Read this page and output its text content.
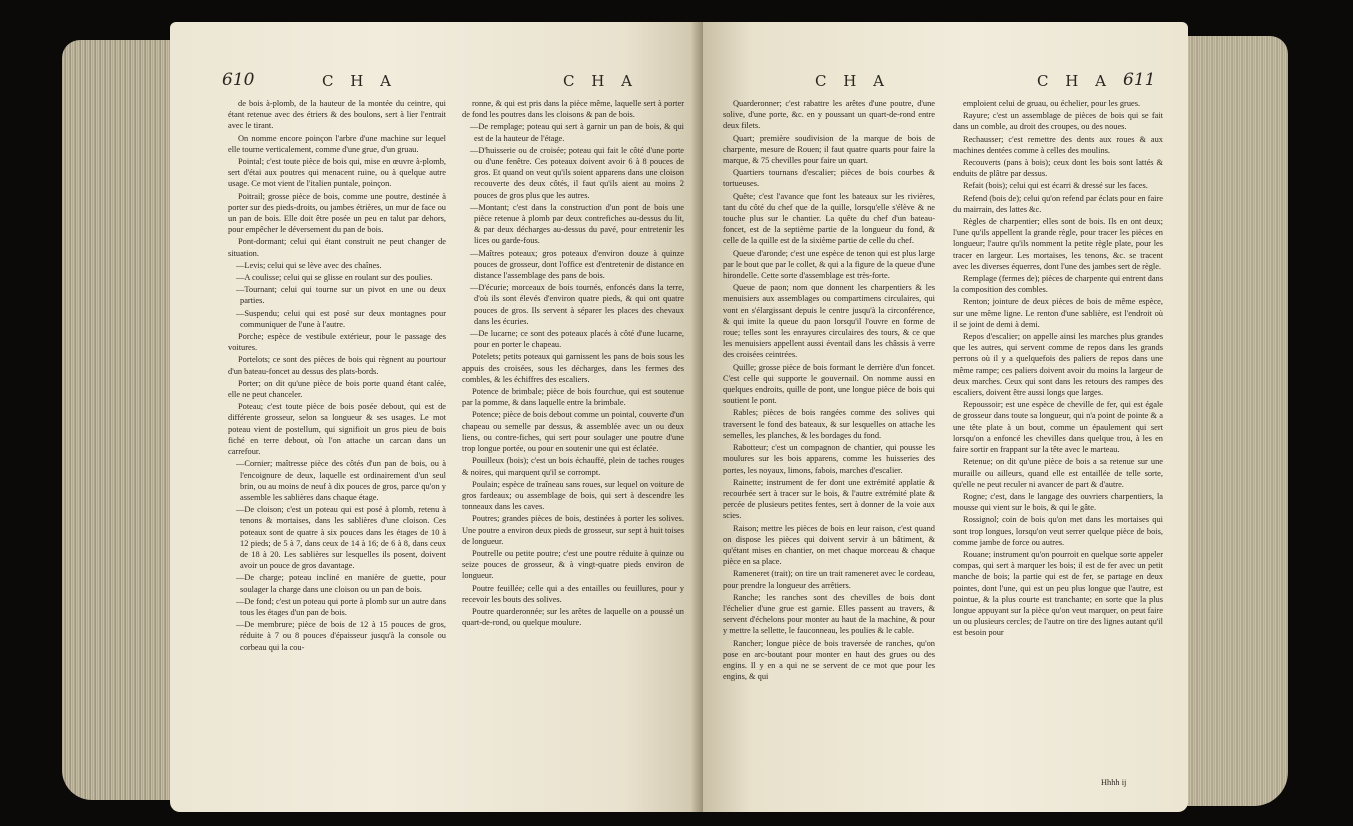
610	C H A	C H A

de bois à-plomb, de la hauteur de la montée du ceintre, qui étant retenue avec des étriers & des boulons, sert à lier l'entrait avec le tirant.

On nomme encore poinçon l'arbre d'une machine sur lequel elle tourne verticalement, comme d'une grue, d'un gruau.

Pointal; c'est toute pièce de bois qui, mise en œuvre à-plomb, sert d'étai aux poutres qui menacent ruine, ou à quelque autre usage. Ce mot vient de l'italien puntale, poinçon.

Poitrail; grosse pièce de bois, comme une poutre, destinée à porter sur des pieds-droits, ou jambes étrières, un mur de face ou un pan de bois. Elle doit être posée un peu en talut par dehors, pour empêcher le déversement du pan de bois.

Pont-dormant; celui qui étant construit ne peut changer de situation.

—Levis; celui qui se lève avec des chaînes.

—A coulisse; celui qui se glisse en roulant sur des poulies.

—Tournant; celui qui tourne sur un pivot en une ou deux parties.

—Suspendu; celui qui est posé sur deux montagnes pour communiquer de l'une à l'autre.

Porche; espèce de vestibule extérieur, pour le passage des voitures.

Portelots; ce sont des pièces de bois qui règnent au pourtour d'un bateau-foncet au dessus des plats-bords.

Porter; on dit qu'une pièce de bois porte quand étant calée, elle ne peut chanceler.

Poteau; c'est toute pièce de bois posée debout, qui est de différente grosseur, selon sa longueur & ses usages. Le mot poteau vient de postellum, qui signifioit un gros pieu de bois fiché en terre debout, où l'on attache un carcan dans un carrefour.

—Cornier; maîtresse pièce des côtés d'un pan de bois, ou à l'encoignure de deux, laquelle est ordinairement d'un seul brin, ou au moins de neuf à dix pouces de gros, parce qu'on y assemble les sablières dans chaque étage.

—De cloison; c'est un poteau qui est posé à plomb, retenu à tenons & mortaises, dans les sablières d'une cloison. Ces poteaux sont de quatre à six pouces dans les étages de 10 à 12 pieds; de 5 à 7, dans ceux de 14 à 16; de 6 à 8, dans ceux de 18 à 20. Les sablières sur lesquelles ils posent, doivent avoir un pouce de gros davantage.

—De charge; poteau incliné en manière de guette, pour soulager la charge dans une cloison ou un pan de bois.

—De fond; c'est un poteau qui porte à plomb sur un autre dans tous les étages d'un pan de bois.

—De membrure; pièce de bois de 12 à 15 pouces de gros, réduite à 7 ou 8 pouces d'épaisseur jusqu'à la console ou corbeau qui la cou-

ronne, & qui est pris dans la pièce même, laquelle sert à porter de fond les poutres dans les cloisons & pan de bois.

—De remplage; poteau qui sert à garnir un pan de bois, & qui est de la hauteur de l'étage.

—D'huisserie ou de croisée; poteau qui fait le côté d'une porte ou d'une fenêtre. Ces poteaux doivent avoir 6 à 8 pouces de gros. Et quand on veut qu'ils soient apparens dans une cloison recouverte des deux côtés, il faut qu'ils aient au moins 2 pouces de gros plus que les autres.

—Montant; c'est dans la construction d'un pont de bois une pièce retenue à plomb par deux contrefiches au-dessus du lit, & par deux décharges au-dessus du pavé, pour entretenir les lices ou garde-fous.

—Maîtres poteaux; gros poteaux d'environ douze à quinze pouces de grosseur, dont l'office est d'entretenir de distance en distance l'assemblage des pans de bois.

—D'écurie; morceaux de bois tournés, enfoncés dans la terre, d'où ils sont élevés d'environ quatre pieds, & qui ont quatre pouces de gros. Ils servent à séparer les places des chevaux dans les écuries.

—De lucarne; ce sont des poteaux placés à côté d'une lucarne, pour en porter le chapeau.

Potelets; petits poteaux qui garnissent les pans de bois sous les appuis des croisées, sous les décharges, dans les fermes des combles, & les échiffres des escaliers.

Potence de brimbale; pièce de bois fourchue, qui est soutenue par la pomme, & dans laquelle entre la brimbale.

Potence; pièce de bois debout comme un pointal, couverte d'un chapeau ou semelle par dessus, & assemblée avec un ou deux liens, ou contre-fiches, qui sert pour soulager une poutre d'une trop longue portée, ou pour en soutenir une qui est éclatée.

Pouilleux (bois); c'est un bois échauffé, plein de taches rouges & noires, qui marquent qu'il se corrompt.

Poulain; espèce de traîneau sans roues, sur lequel on voiture de gros fardeaux; ou assemblage de bois, qui sert à descendre les tonneaux dans les caves.

Poutres; grandes pièces de bois, destinées à porter les solives. Une poutre a environ deux pieds de grosseur, sur sept à huit toises de longueur.

Poutrelle ou petite poutre; c'est une poutre réduite à quinze ou seize pouces de grosseur, & à vingt-quatre pieds environ de longueur.

Poutre feuillée; celle qui a des entailles ou feuillures, pour y recevoir les bouts des solives.

Poutre quarderonnée; sur les arêtes de laquelle on a poussé un quart-de-rond, ou quelque moulure.

C H A	C H A 611

Quarderonner; c'est rabattre les arêtes d'une poutre, d'une solive, d'une porte, &c. en y poussant un quart-de-rond entre deux filets.

Quart; première soudivision de la marque de bois de charpente, mesure de Rouen; il faut quatre quarts pour faire la marque, & 75 chevilles pour faire un quart.

Quartiers tournans d'escalier; pièces de bois courbes & tortueuses.

Quête; c'est l'avance que font les bateaux sur les rivières, tant du côté du chef que de la quille, lorsqu'elle s'élève & ne touche plus sur le chantier. La quête du chef d'un bateau-foncet, est de la septième partie de la longueur du fond, & celle de la quille est de la sixième partie de celle du chef.

Queue d'aronde; c'est une espèce de tenon qui est plus large par le bout que par le collet, & qui a la figure de la queue d'une hirondelle. Cette sorte d'assemblage est très-forte.

Queue de paon; nom que donnent les charpentiers & les menuisiers aux assemblages ou compartimens circulaires, qui vont en s'élargissant depuis le centre jusqu'à la circonférence, & qui imite la queue du paon lorsqu'il l'ouvre en forme de roue; telles sont les enrayures circulaires des tours, & ce que les menuisiers appellent aussi éventail dans les châssis à verre des croisées ceintrées.

Quille; grosse pièce de bois formant le derrière d'un foncet. C'est celle qui supporte le gouvernail. On nomme aussi en quelques endroits, quille de pont, une longue pièce de bois qui soutient le pont.

Rables; pièces de bois rangées comme des solives qui traversent le fond des bateaux, & sur lesquelles on attache les semelles, les planches, & les bordages du fond.

Rabotteur; c'est un compagnon de chantier, qui pousse les moulures sur les bois apparens, comme les huisseries des portes, les noyaux, limons, fabois, marches d'escalier.

Rainette; instrument de fer dont une extrémité applatie & recourbée sert à tracer sur le bois, & l'autre extrémité plate & percée de plusieurs petites fentes, sert à donner de la voie aux scies.

Raison; mettre les pièces de bois en leur raison, c'est quand on dispose les pièces qui doivent servir à un bâtiment, & qu'étant mises en chantier, on met chaque morceau & chaque pièce en sa place.

Rameneret (trait); on tire un trait rameneret avec le cordeau, pour prendre la longueur des arrêtiers.

Ranche; les ranches sont des chevilles de bois dont l'échelier d'une grue est garnie. Elles passent au travers, & servent d'échelons pour monter au haut de la machine, & pour y mettre la sellette, le fauconneau, les poulies & le cable.

Rancher; longue pièce de bois traversée de ranches, qu'on pose en arc-boutant pour monter en haut des grues ou des engins. Il y en a qui ne se servent de ce mot que pour les engins, & qui

emploient celui de gruau, ou échelier, pour les grues.

Rayure; c'est un assemblage de pièces de bois qui se fait dans un comble, au droit des croupes, ou des noues.

Rechausser; c'est remettre des dents aux roues & aux machines dentées comme à celles des moulins.

Recouverts (pans à bois); ceux dont les bois sont lattés & enduits de plâtre par dessus.

Refait (bois); celui qui est écarri & dressé sur les faces.

Refend (bois de); celui qu'on refend par éclats pour en faire du mairrain, des lattes &c.

Règles de charpentier; elles sont de bois. Ils en ont deux; l'une qu'ils appellent la grande règle, pour tracer les pièces en longueur; l'autre qu'ils nomment la petite règle plate, pour les tracer en largeur. Les mortaises, les tenons, &c. se tracent avec les diverses équerres, dont l'une des jambes sert de règle.

Remplage (fermes de); pièces de charpente qui entrent dans la composition des combles.

Renton; jointure de deux pièces de bois de même espèce, sur une même ligne. Le renton d'une sablière, est l'endroit où il se joint de demi à demi.

Repos d'escalier; on appelle ainsi les marches plus grandes que les autres, qui servent comme de repos dans les grands perrons où il y a quelquefois des paliers de repos dans une même rampe; ces paliers doivent avoir du moins la largeur de deux marches. Ceux qui sont dans les retours des rampes des escaliers, doivent être aussi longs que larges.

Repoussoir; est une espèce de cheville de fer, qui est égale de grosseur dans toute sa longueur, qui n'a point de pointe & a une tête plate à un bout, comme un épaulement qui sert lorsqu'on a enfoncé les chevilles dans quelque trou, à les en faire sortir en frappant sur la tête avec le marteau.

Retenue; on dit qu'une pièce de bois a sa retenue sur une muraille ou ailleurs, quand elle est entaillée de telle sorte, qu'elle ne peut reculer ni avancer de part & d'autre.

Rogne; c'est, dans le langage des ouvriers charpentiers, la mousse qui vient sur le bois, & qui le gâte.

Rossignol; coin de bois qu'on met dans les mortaises qui sont trop longues, lorsqu'on veut serrer quelque pièce de bois, comme jambe de force ou autres.

Rouane; instrument qu'on pourroit en quelque sorte appeler compas, qui sert à marquer les bois; il est de fer avec un petit manche de bois; la partie qui est de fer, se partage en deux pointes, dont l'une, qui est un peu plus longue que l'autre, est pointue, & la plus courte est tranchante; en sorte que la plus longue appuyant sur la pièce qu'on veut marquer, on peut faire un ou plusieurs cercles; de l'autre on tire des lignes autant qu'il est besoin pour

Hhhh ij
